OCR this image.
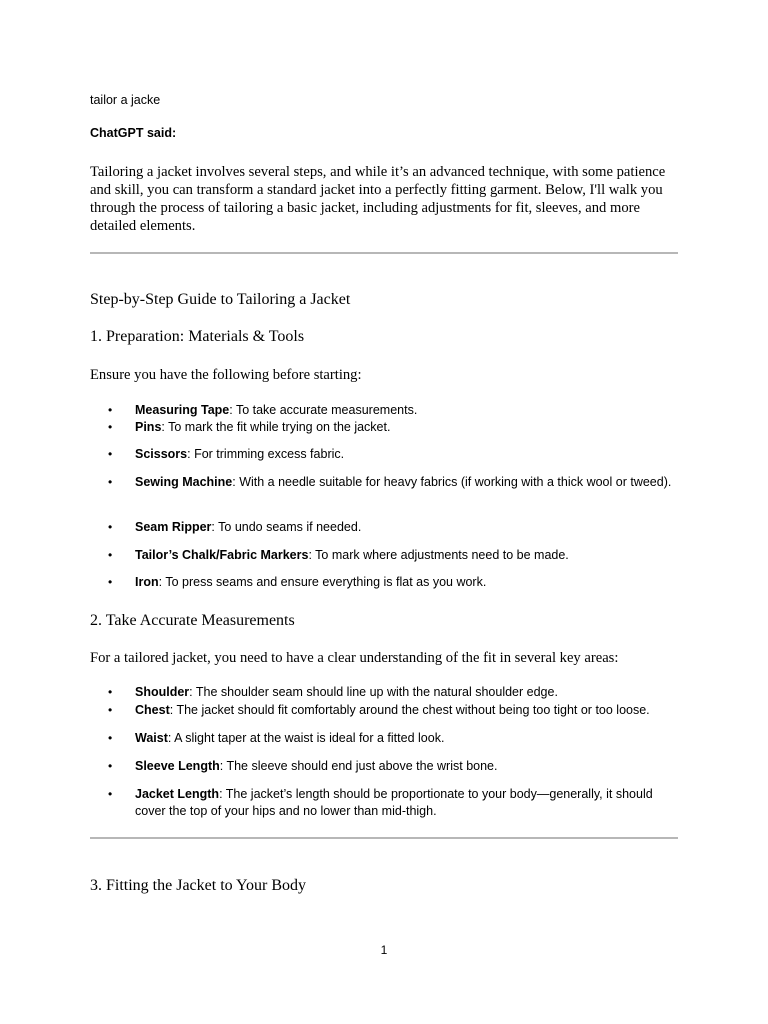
tailor a jacke
ChatGPT said:
Tailoring a jacket involves several steps, and while it’s an advanced technique, with some patience and skill, you can transform a standard jacket into a perfectly fitting garment. Below, I'll walk you through the process of tailoring a basic jacket, including adjustments for fit, sleeves, and more detailed elements.
Step-by-Step Guide to Tailoring a Jacket
1. Preparation: Materials & Tools
Ensure you have the following before starting:
•	Measuring Tape: To take accurate measurements.
•	Pins: To mark the fit while trying on the jacket.
•	Scissors: For trimming excess fabric.
•	Sewing Machine: With a needle suitable for heavy fabrics (if working with a thick wool or tweed).
•	Seam Ripper: To undo seams if needed.
•	Tailor’s Chalk/Fabric Markers: To mark where adjustments need to be made.
•	Iron: To press seams and ensure everything is flat as you work.
2. Take Accurate Measurements
For a tailored jacket, you need to have a clear understanding of the fit in several key areas:
•	Shoulder: The shoulder seam should line up with the natural shoulder edge.
•	Chest: The jacket should fit comfortably around the chest without being too tight or too loose.
•	Waist: A slight taper at the waist is ideal for a fitted look.
•	Sleeve Length: The sleeve should end just above the wrist bone.
•	Jacket Length: The jacket’s length should be proportionate to your body—generally, it should cover the top of your hips and no lower than mid-thigh.
3. Fitting the Jacket to Your Body
1
